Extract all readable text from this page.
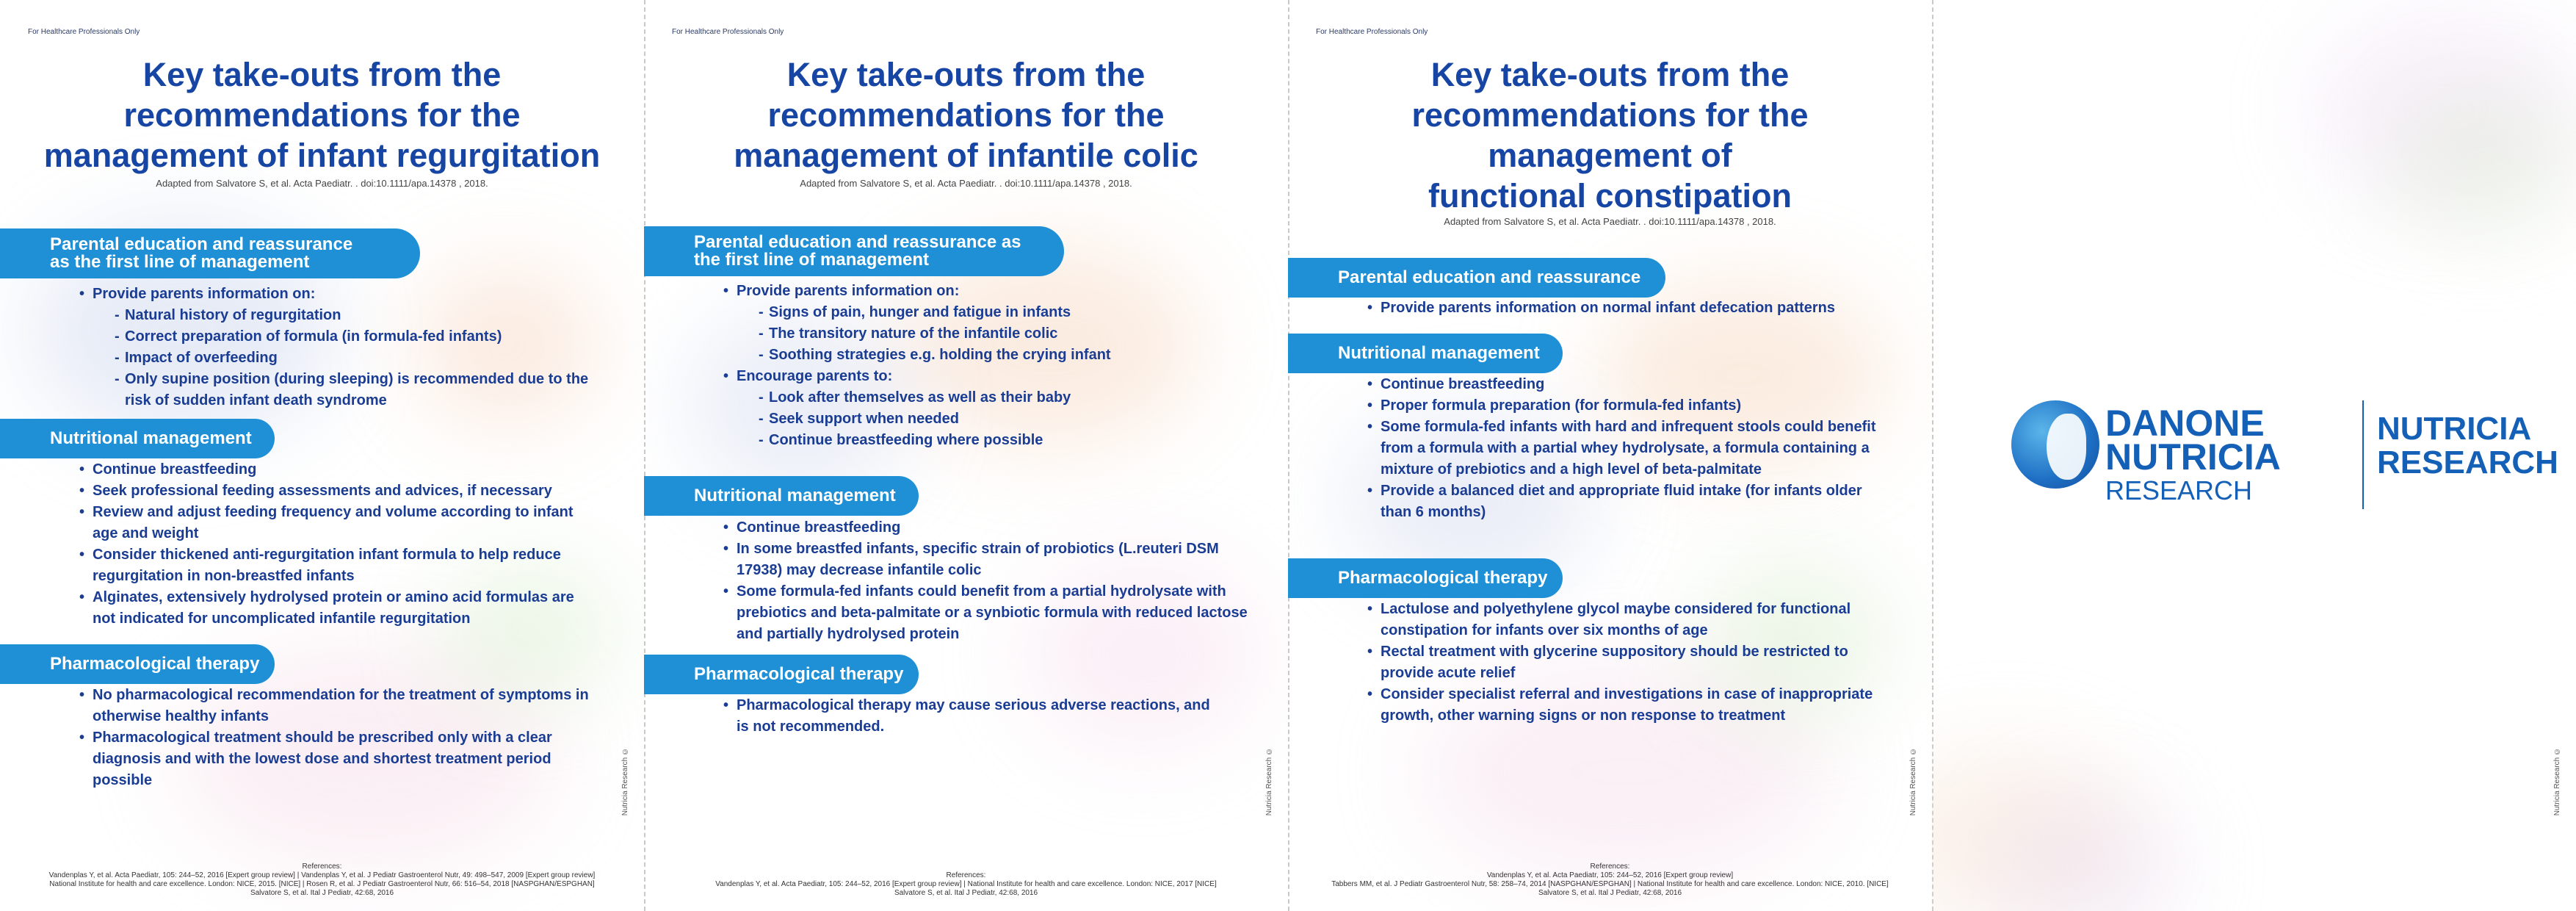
For Healthcare Professionals Only
Key take-outs from the
recommendations for the
management of infant regurgitation
Adapted from Salvatore S, et al. Acta Paediatr. . doi:10.1111/apa.14378 , 2018.
Parental education and reassurance
as the first line of management
• Provide parents information on:
- Natural history of regurgitation
- Correct preparation of formula (in formula-fed infants)
- Impact of overfeeding
- Only supine position (during sleeping) is recommended due to the risk of sudden infant death syndrome
Nutritional management
• Continue breastfeeding
• Seek professional feeding assessments and advices, if necessary
• Review and adjust feeding frequency and volume according to infant age and weight
• Consider thickened anti-regurgitation infant formula to help reduce regurgitation in non-breastfed infants
• Alginates, extensively hydrolysed protein or amino acid formulas are not indicated for uncomplicated infantile regurgitation
Pharmacological therapy
• No pharmacological recommendation for the treatment of symptoms in otherwise healthy infants
• Pharmacological treatment should be prescribed only with a clear diagnosis and with the lowest dose and shortest treatment period possible	Nutricia Research ©
References:
Vandenplas Y, et al. Acta Paediatr, 105: 244–52, 2016 [Expert group review] | Vandenplas Y, et al. J Pediatr Gastroenterol Nutr, 49: 498–547, 2009 [Expert group review]
National Institute for health and care excellence. London: NICE, 2015. [NICE] | Rosen R, et al. J Pediatr Gastroenterol Nutr, 66: 516–54, 2018 [NASPGHAN/ESPGHAN]
Salvatore S, et al. Ital J Pediatr, 42:68, 2016
For Healthcare Professionals Only
Key take-outs from the
recommendations for the
management of infantile colic
Adapted from Salvatore S, et al. Acta Paediatr. . doi:10.1111/apa.14378 , 2018.
Parental education and reassurance as
the first line of management
• Provide parents information on:
- Signs of pain, hunger and fatigue in infants
- The transitory nature of the infantile colic
- Soothing strategies e.g. holding the crying infant
• Encourage parents to:
- Look after themselves as well as their baby
- Seek support when needed
- Continue breastfeeding where possible
Nutritional management
• Continue breastfeeding
• In some breastfed infants, specific strain of probiotics (L.reuteri DSM 17938) may decrease infantile colic
• Some formula-fed infants could benefit from a partial hydrolysate with prebiotics and beta-palmitate or a synbiotic formula with reduced lactose and partially hydrolysed protein
Pharmacological therapy
• Pharmacological therapy may cause serious adverse reactions, and is not recommended.
Nutricia Research ©
References:
Vandenplas Y, et al. Acta Paediatr, 105: 244–52, 2016 [Expert group review] | National Institute for health and care excellence. London: NICE, 2017 [NICE]
Salvatore S, et al. Ital J Pediatr, 42:68, 2016
For Healthcare Professionals Only
Key take-outs from the
recommendations for the
management of
functional constipation
Adapted from Salvatore S, et al. Acta Paediatr. . doi:10.1111/apa.14378 , 2018.
Parental education and reassurance
• Provide parents information on normal infant defecation patterns
Nutritional management
• Continue breastfeeding
• Proper formula preparation (for formula-fed infants)
• Some formula-fed infants with hard and infrequent stools could benefit from a formula with a partial whey hydrolysate, a formula containing a mixture of prebiotics and a high level of beta-palmitate
• Provide a balanced diet and appropriate fluid intake (for infants older than 6 months)
Pharmacological therapy
• Lactulose and polyethylene glycol maybe considered for functional constipation for infants over six months of age
• Rectal treatment with glycerine suppository should be restricted to provide acute relief
• Consider specialist referral and investigations in case of inappropriate growth, other warning signs or non response to treatment
Nutricia Research ©
References:
Vandenplas Y, et al. Acta Paediatr, 105: 244–52, 2016 [Expert group review]
Tabbers MM, et al. J Pediatr Gastroenterol Nutr, 58: 258–74, 2014 [NASPGHAN/ESPGHAN] | National Institute for health and care excellence. London: NICE, 2010. [NICE]
Salvatore S, et al. Ital J Pediatr, 42:68, 2016
DANONE
NUTRICIA
RESEARCH
NUTRICIA
RESEARCH
Nutricia Research ©
